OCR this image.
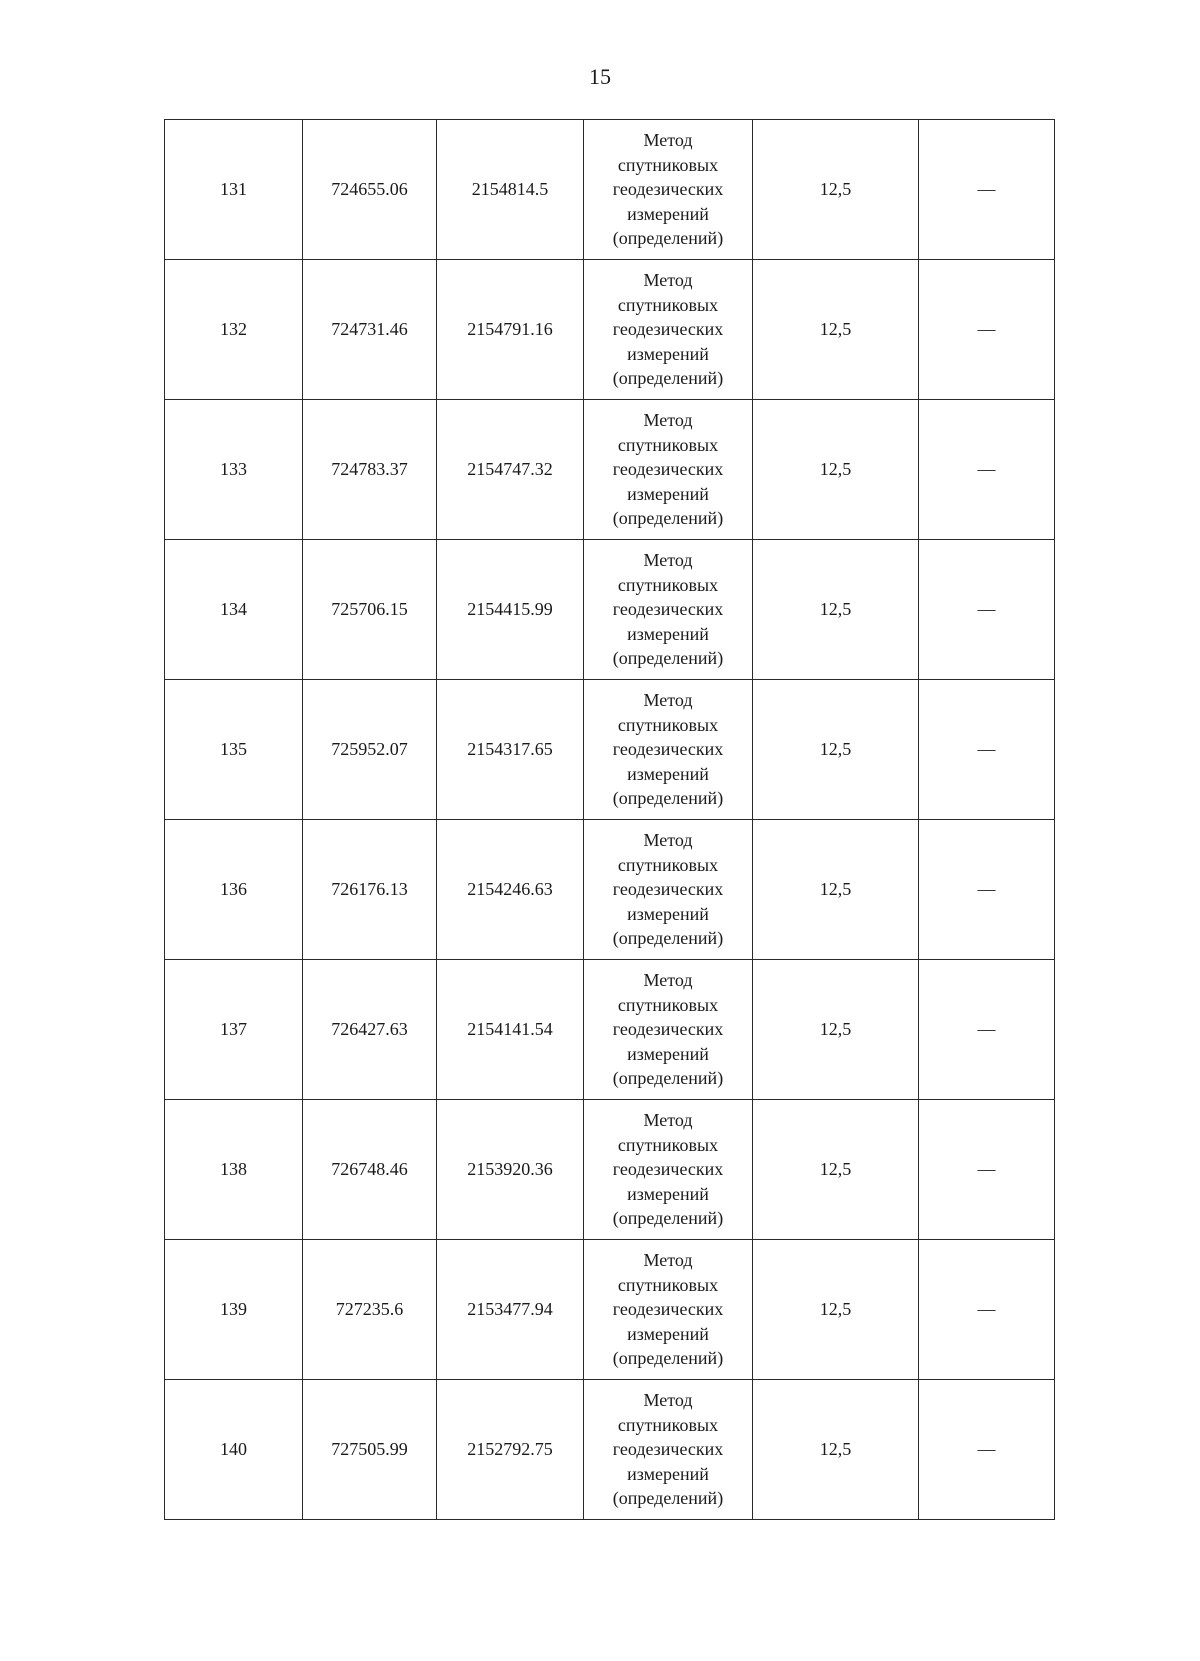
15
131	724655.06	2154814.5	Метод
спутниковых
геодезических
измерений
(определений)	12,5	—
132	724731.46	2154791.16	Метод
спутниковых
геодезических
измерений
(определений)	12,5	—
133	724783.37	2154747.32	Метод
спутниковых
геодезических
измерений
(определений)	12,5	—
134	725706.15	2154415.99	Метод
спутниковых
геодезических
измерений
(определений)	12,5	—
135	725952.07	2154317.65	Метод
спутниковых
геодезических
измерений
(определений)	12,5	—
136	726176.13	2154246.63	Метод
спутниковых
геодезических
измерений
(определений)	12,5	—
137	726427.63	2154141.54	Метод
спутниковых
геодезических
измерений
(определений)	12,5	—
138	726748.46	2153920.36	Метод
спутниковых
геодезических
измерений
(определений)	12,5	—
139	727235.6	2153477.94	Метод
спутниковых
геодезических
измерений
(определений)	12,5	—
140	727505.99	2152792.75	Метод
спутниковых
геодезических
измерений
(определений)	12,5	—
